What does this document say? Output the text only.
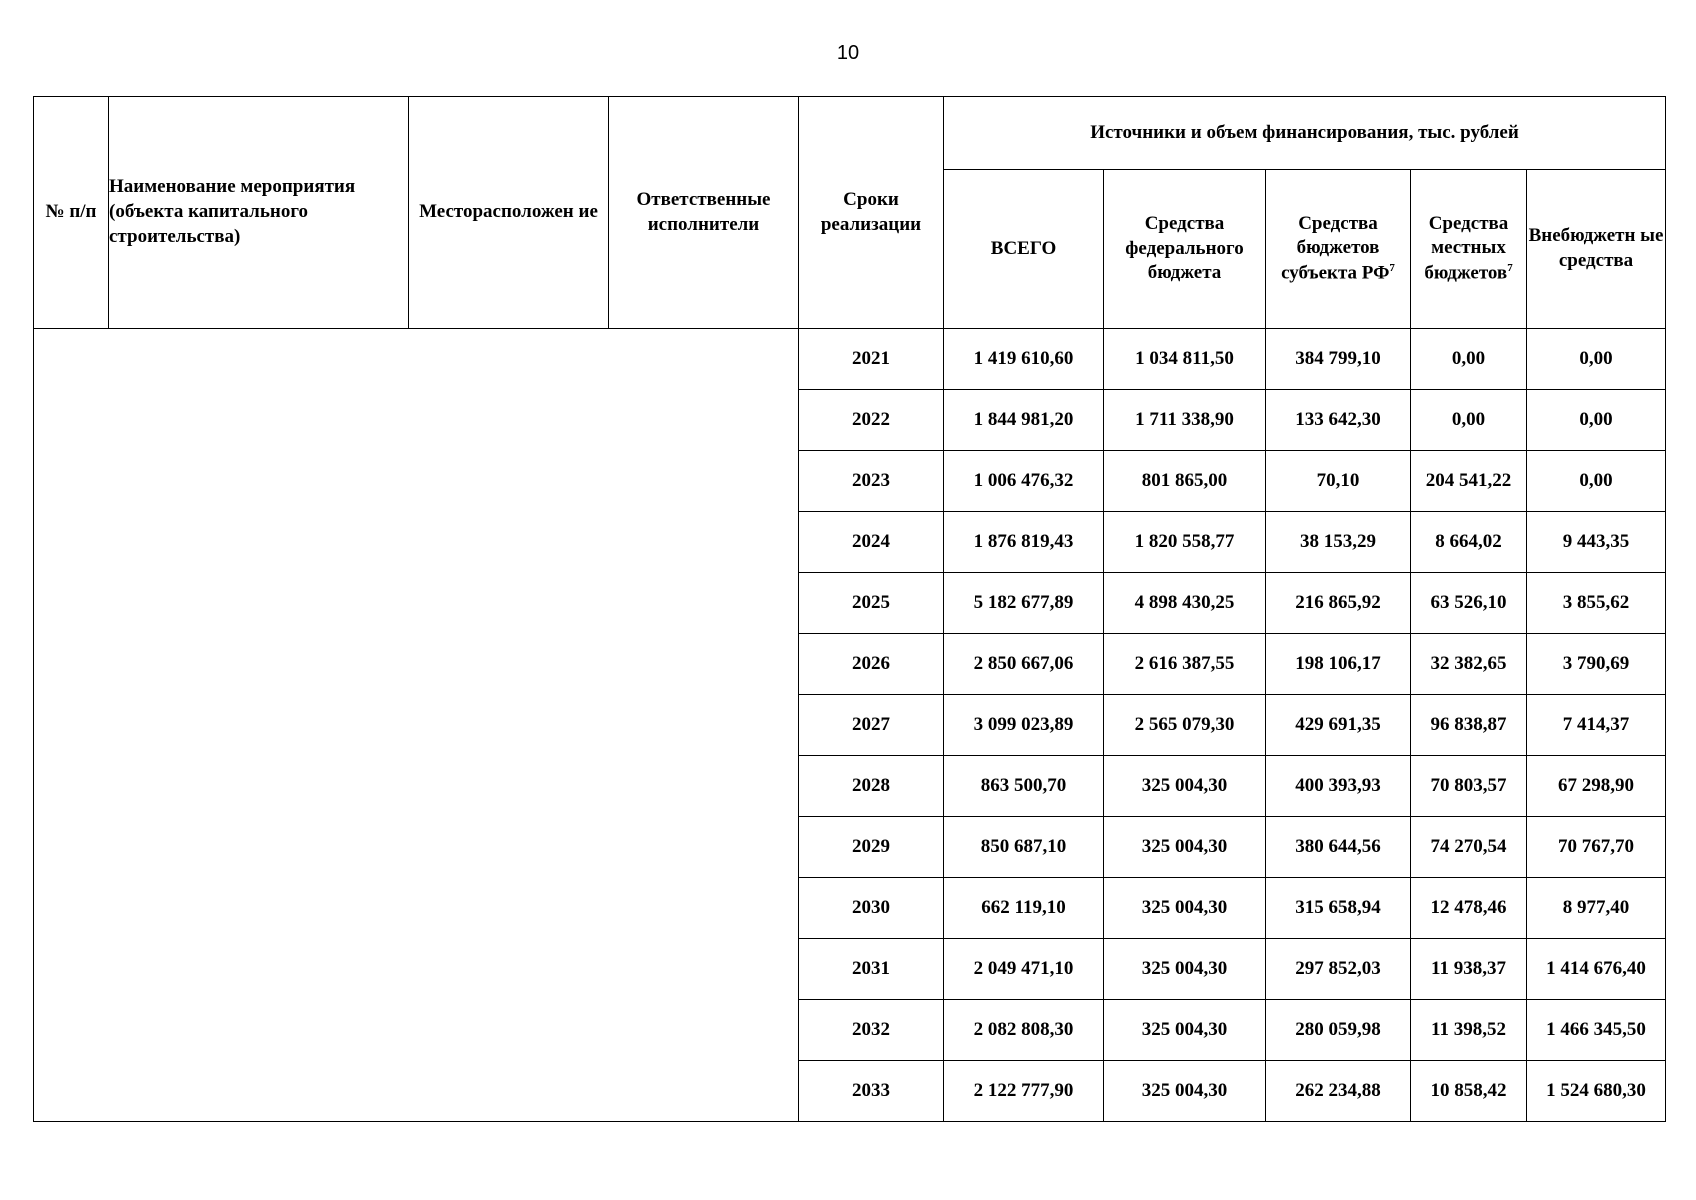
10
№ п/п	Наименование мероприятия (объекта капитального строительства)	Месторасположен ие	Ответственные исполнители	Сроки реализации	Источники и объем финансирования, тыс. рублей				
					ВСЕГО	Средства федерального бюджета	Средства бюджетов субъекта $РФ^7$	Средства местных бюджетов$^7$	Внебюджетн ые средства
				2021	1 419 610,60	1 034 811,50	384 799,10	0,00	0,00
				2022	1 844 981,20	1 711 338,90	133 642,30	0,00	0,00
				2023	1 006 476,32	801 865,00	70,10	204 541,22	0,00
				2024	1 876 819,43	1 820 558,77	38 153,29	8 664,02	9 443,35
				2025	5 182 677,89	4 898 430,25	216 865,92	63 526,10	3 855,62
				2026	2 850 667,06	2 616 387,55	198 106,17	32 382,65	3 790,69
				2027	3 099 023,89	2 565 079,30	429 691,35	96 838,87	7 414,37
				2028	863 500,70	325 004,30	400 393,93	70 803,57	67 298,90
				2029	850 687,10	325 004,30	380 644,56	74 270,54	70 767,70
				2030	662 119,10	325 004,30	315 658,94	12 478,46	8 977,40
				2031	2 049 471,10	325 004,30	297 852,03	11 938,37	1 414 676,40
				2032	2 082 808,30	325 004,30	280 059,98	11 398,52	1 466 345,50
				2033	2 122 777,90	325 004,30	262 234,88	10 858,42	1 524 680,30
